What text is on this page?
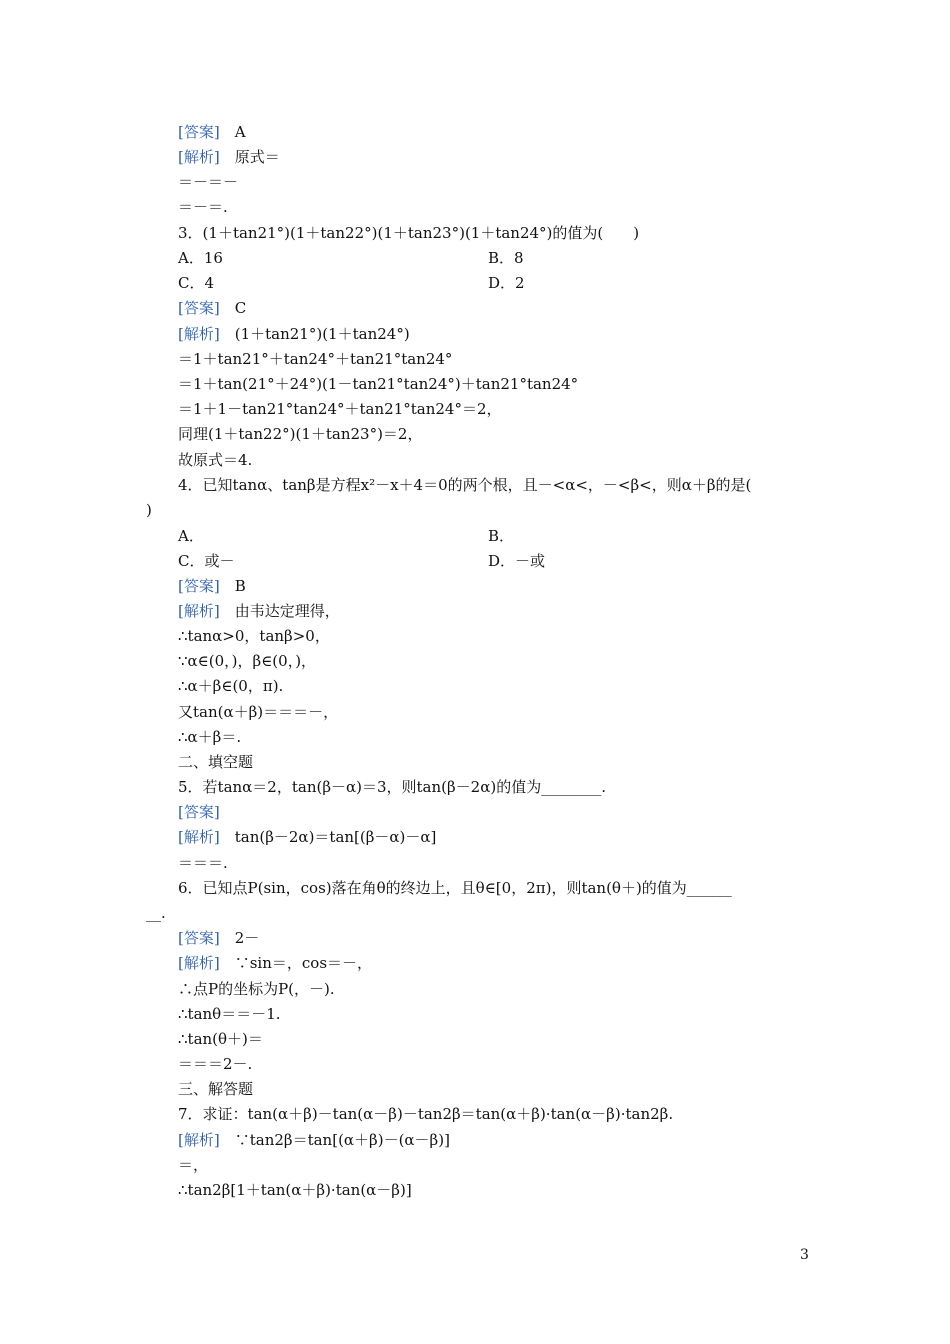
[答案]　 A
[解析]　 原式＝
＝－＝－
＝－＝.
3．(1＋tan21°)(1＋tan22°)(1＋tan23°)(1＋tan24°)的值为(　　)
A．16	B．8
C．4	D．2
[答案]　 C
[解析]　 (1＋tan21°)(1＋tan24°)
＝1＋tan21°＋tan24°＋tan21°tan24°
＝1＋tan(21°＋24°)(1－tan21°tan24°)＋tan21°tan24°
＝1＋1－tan21°tan24°＋tan21°tan24°＝2，
同理(1＋tan22°)(1＋tan23°)＝2，
故原式＝4.
4．已知tanα、tanβ是方程x²－x＋4＝0的两个根，且－<α<，－<β<，则α＋β的是(
)
A．	B．
C．或－	D．－或
[答案]　 B
[解析]　 由韦达定理得，
∴tanα>0，tanβ>0，
∵α∈(0，)，β∈(0，)，
∴α＋β∈(0，π).
又tan(α＋β)＝＝＝－，
∴α＋β＝.
二、填空题
5．若tanα＝2，tan(β－α)＝3，则tan(β－2α)的值为________.
[答案]
[解析]　 tan(β－2α)＝tan[(β－α)－α]
＝＝＝.
6．已知点P(sin，cos)落在角θ的终边上，且θ∈[0，2π)，则tan(θ＋)的值为______
__.
[答案]　 2－
[解析]　 ∵sin＝，cos＝－，
∴点P的坐标为P(，－).
∴tanθ＝＝－1.
∴tan(θ＋)＝
＝＝＝2－.
三、解答题
7．求证：tan(α＋β)－tan(α－β)－tan2β＝tan(α＋β)·tan(α－β)·tan2β.
[解析]　 ∵tan2β＝tan[(α＋β)－(α－β)]
＝，
∴tan2β[1＋tan(α＋β)·tan(α－β)]
3
